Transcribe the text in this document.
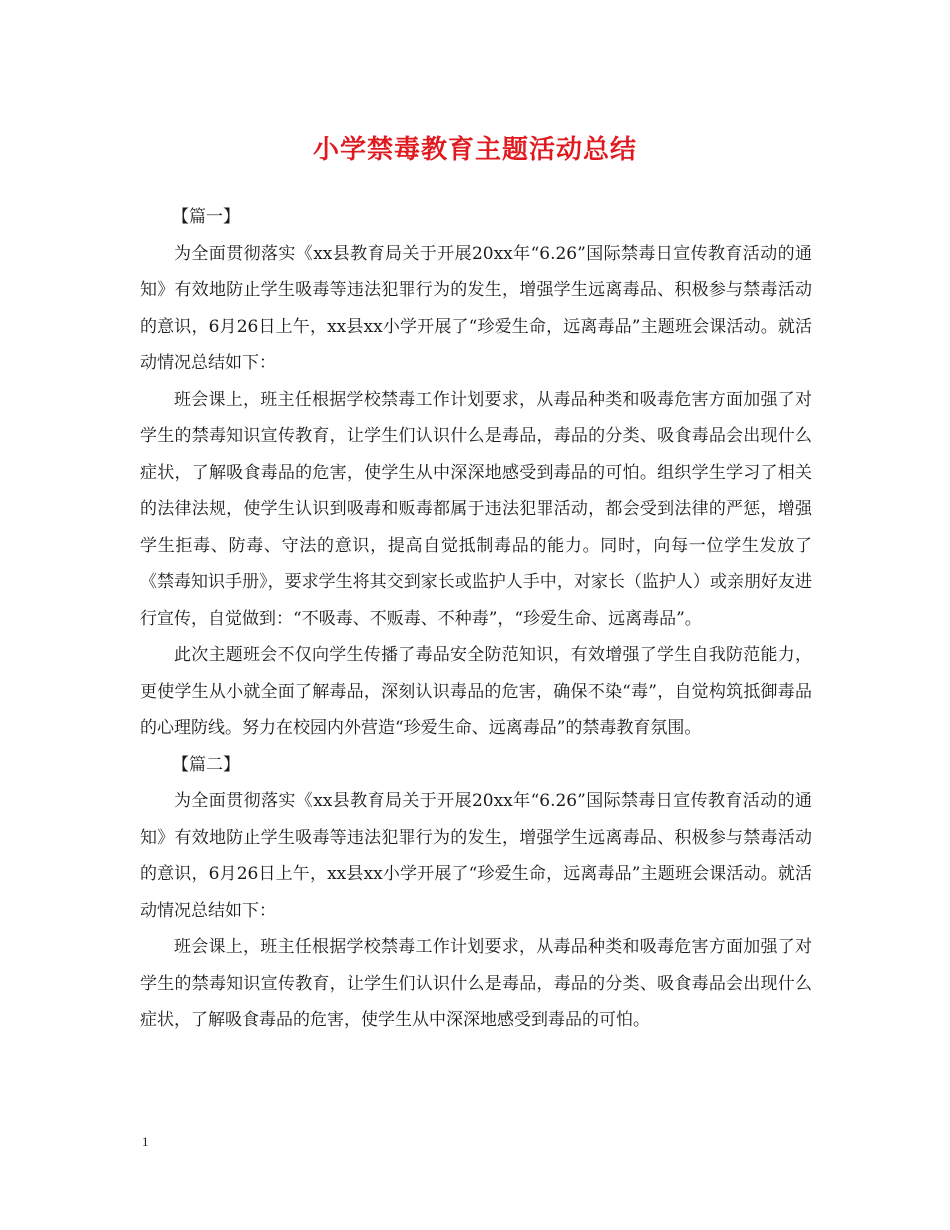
小学禁毒教育主题活动总结
【篇一】

为全面贯彻落实《xx县教育局关于开展20xx年“6.26”国际禁毒日宣传教育活动的通知》有效地防止学生吸毒等违法犯罪行为的发生，增强学生远离毒品、积极参与禁毒活动的意识，6月26日上午，xx县xx小学开展了“珍爱生命，远离毒品”主题班会课活动。就活动情况总结如下：

班会课上，班主任根据学校禁毒工作计划要求，从毒品种类和吸毒危害方面加强了对学生的禁毒知识宣传教育，让学生们认识什么是毒品，毒品的分类、吸食毒品会出现什么症状，了解吸食毒品的危害，使学生从中深深地感受到毒品的可怕。组织学生学习了相关的法律法规，使学生认识到吸毒和贩毒都属于违法犯罪活动，都会受到法律的严惩，增强学生拒毒、防毒、守法的意识，提高自觉抵制毒品的能力。同时，向每一位学生发放了《禁毒知识手册》，要求学生将其交到家长或监护人手中，对家长（监护人）或亲朋好友进行宣传，自觉做到：“不吸毒、不贩毒、不种毒”，“珍爱生命、远离毒品”。

此次主题班会不仅向学生传播了毒品安全防范知识，有效增强了学生自我防范能力，更使学生从小就全面了解毒品，深刻认识毒品的危害，确保不染“毒”，自觉构筑抵御毒品的心理防线。努力在校园内外营造“珍爱生命、远离毒品”的禁毒教育氛围。

【篇二】

为全面贯彻落实《xx县教育局关于开展20xx年“6.26”国际禁毒日宣传教育活动的通知》有效地防止学生吸毒等违法犯罪行为的发生，增强学生远离毒品、积极参与禁毒活动的意识，6月26日上午，xx县xx小学开展了“珍爱生命，远离毒品”主题班会课活动。就活动情况总结如下：

班会课上，班主任根据学校禁毒工作计划要求，从毒品种类和吸毒危害方面加强了对学生的禁毒知识宣传教育，让学生们认识什么是毒品，毒品的分类、吸食毒品会出现什么症状，了解吸食毒品的危害，使学生从中深深地感受到毒品的可怕。

1
